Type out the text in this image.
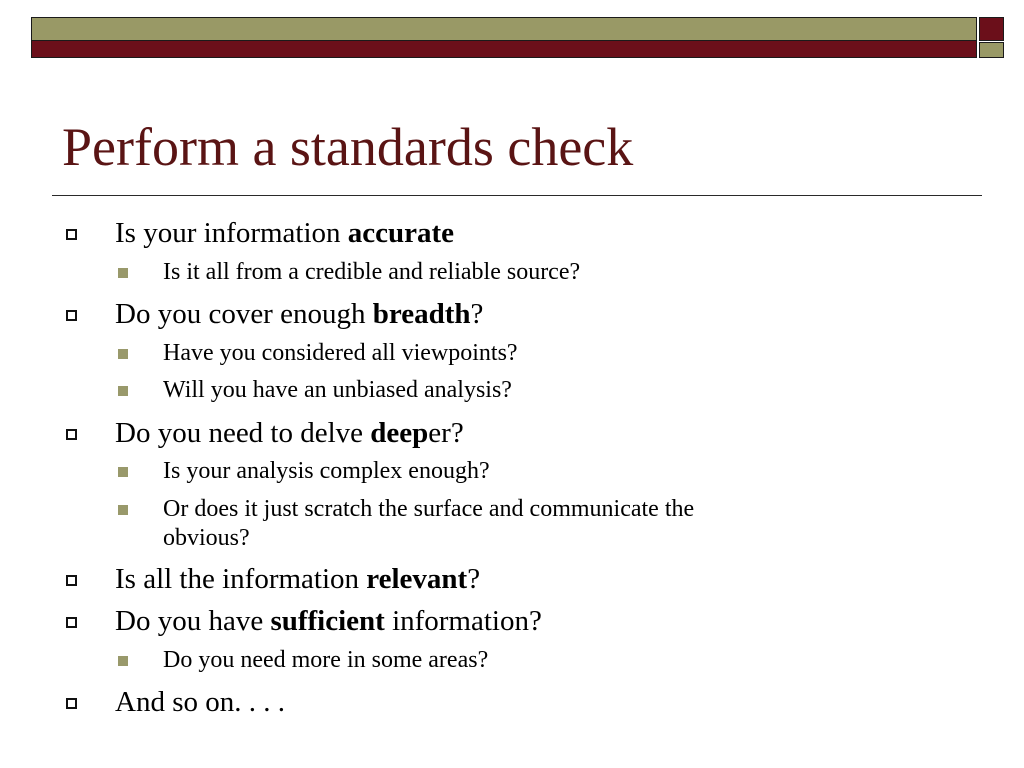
Perform a standards check
Is your information accurate
Is it all from a credible and reliable source?
Do you cover enough breadth?
Have you considered all viewpoints?
Will you have an unbiased analysis?
Do you need to delve deeper?
Is your analysis complex enough?
Or does it just scratch the surface and communicate the
obvious?
Is all the information relevant?
Do you have sufficient information?
Do you need more in some areas?
And so on. . . .
